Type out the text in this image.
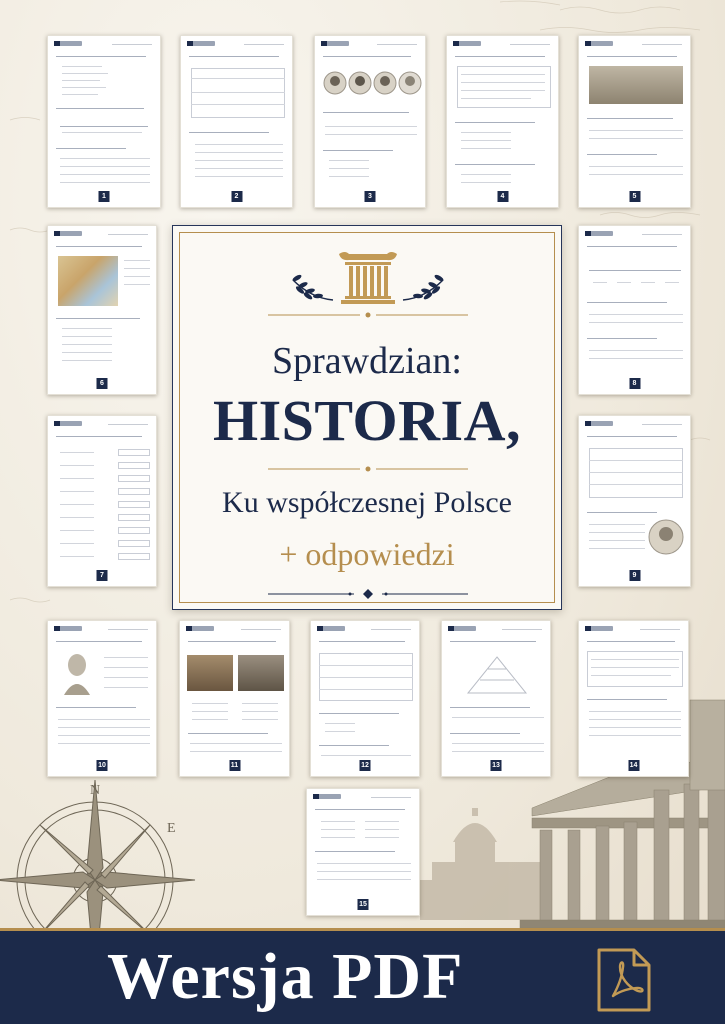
N
E
1	2	3	4	5
6	8
7	9
10	11	12	13	14
15
Sprawdzian:
HISTORIA,
Ku współczesnej Polsce
+ odpowiedzi
Wersja PDF
